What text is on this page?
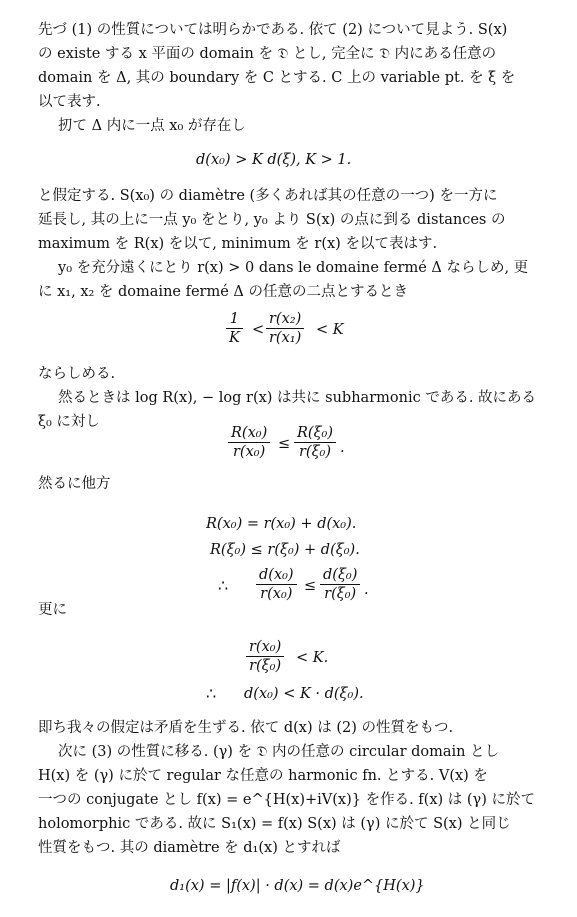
先づ (1) の性質については明らかである. 依て (2) について見よう. S(x)
の existe する x 平面の domain を 𝔇 とし, 完全に 𝔇 内にある任意の
domain を Δ, 其の boundary を C とする. C 上の variable pt. を ξ を
以て表す.
扨て Δ 内に一点 x₀ が存在し
d(x₀) > K d(ξ), K > 1.
と假定する. S(x₀) の diamètre (多くあれば其の任意の一つ) を一方に
延長し, 其の上に一点 y₀ をとり, y₀ より S(x) の点に到る distances の
maximum を R(x) を以て, minimum を r(x) を以て表はす.
y₀ を充分遠くにとり r(x) > 0 dans le domaine fermé Δ ならしめ, 更
に x₁, x₂ を domaine fermé Δ の任意の二点とするとき
$\frac{1}{K} < \frac{\text{r(x₂)}}{\text{r(x₁)}} < K$
ならしめる.
然るときは log R(x), − log r(x) は共に subharmonic である. 故にある
ξ₀ に対し
$\frac{\text{R(x₀)}}{\text{r(x₀)}} \le \frac{\text{R(ξ₀)}}{\text{r(ξ₀)}}$ .
然るに他方
R(x₀) = r(x₀) + d(x₀).
R(ξ₀) ≤ r(ξ₀) + d(ξ₀).
∴ $\frac{\text{d(x₀)}}{\text{r(x₀)}} \le \frac{\text{d(ξ₀)}}{\text{r(ξ₀)}}$ .
更に
$\frac{\text{r(x₀)}}{\text{r(ξ₀)}} < K$.
∴ d(x₀) < K · d(ξ₀).
即ち我々の假定は矛盾を生ずる. 依て d(x) は (2) の性質をもつ.
次に (3) の性質に移る. (γ) を 𝔇 内の任意の circular domain とし
H(x) を (γ) に於て regular な任意の harmonic fn. とする. V(x) を
一つの conjugate とし f(x) = e^{H(x)+iV(x)} を作る. f(x) は (γ) に於て
holomorphic である. 故に S₁(x) = f(x) S(x) は (γ) に於て S(x) と同じ
性質をもつ. 其の diamètre を d₁(x) とすれば
d₁(x) = |f(x)| · d(x) = d(x)e^{H(x)}
